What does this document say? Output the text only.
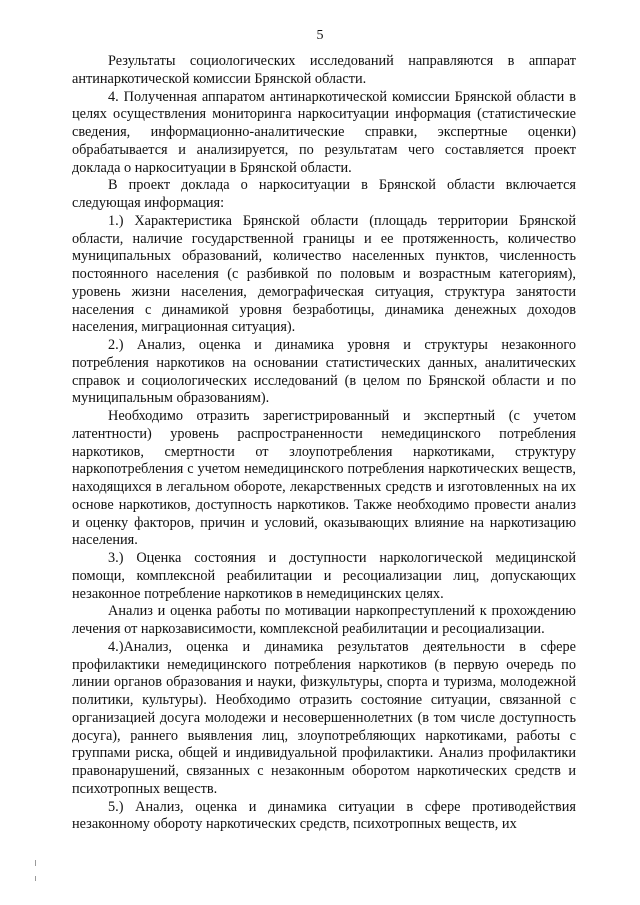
5

Результаты социологических исследований направляются в аппарат антинаркотической комиссии Брянской области.

4. Полученная аппаратом антинаркотической комиссии Брянской области в целях осуществления мониторинга наркоситуации информация (статистические сведения, информационно-аналитические справки, экспертные оценки) обрабатывается и анализируется, по результатам чего составляется проект доклада о наркоситуации в Брянской области.

В проект доклада о наркоситуации в Брянской области включается следующая информация:

1.) Характеристика Брянской области (площадь территории Брянской области, наличие государственной границы и ее протяженность, количество муниципальных образований, количество населенных пунктов, численность постоянного населения (с разбивкой по половым и возрастным категориям), уровень жизни населения, демографическая ситуация, структура занятости населения с динамикой уровня безработицы, динамика денежных доходов населения, миграционная ситуация).

2.) Анализ, оценка и динамика уровня и структуры незаконного потребления наркотиков на основании статистических данных, аналитических справок и социологических исследований (в целом по Брянской области и по муниципальным образованиям).

Необходимо отразить зарегистрированный и экспертный (с учетом латентности) уровень распространенности немедицинского потребления наркотиков, смертности от злоупотребления наркотиками, структуру наркопотребления с учетом немедицинского потребления наркотических веществ, находящихся в легальном обороте, лекарственных средств и изготовленных на их основе наркотиков, доступность наркотиков. Также необходимо провести анализ и оценку факторов, причин и условий, оказывающих влияние на наркотизацию населения.

3.) Оценка состояния и доступности наркологической медицинской помощи, комплексной реабилитации и ресоциализации лиц, допускающих незаконное потребление наркотиков в немедицинских целях.

Анализ и оценка работы по мотивации наркопреступлений к прохождению лечения от наркозависимости, комплексной реабилитации и ресоциализации.

4.)Анализ, оценка и динамика результатов деятельности в сфере профилактики немедицинского потребления наркотиков (в первую очередь по линии органов образования и науки, физкультуры, спорта и туризма, молодежной политики, культуры). Необходимо отразить состояние ситуации, связанной с организацией досуга молодежи и несовершеннолетних (в том числе доступность досуга), раннего выявления лиц, злоупотребляющих наркотиками, работы с группами риска, общей и индивидуальной профилактики. Анализ профилактики правонарушений, связанных с незаконным оборотом наркотических средств и психотропных веществ.

5.) Анализ, оценка и динамика ситуации в сфере противодействия незаконному обороту наркотических средств, психотропных веществ, их
